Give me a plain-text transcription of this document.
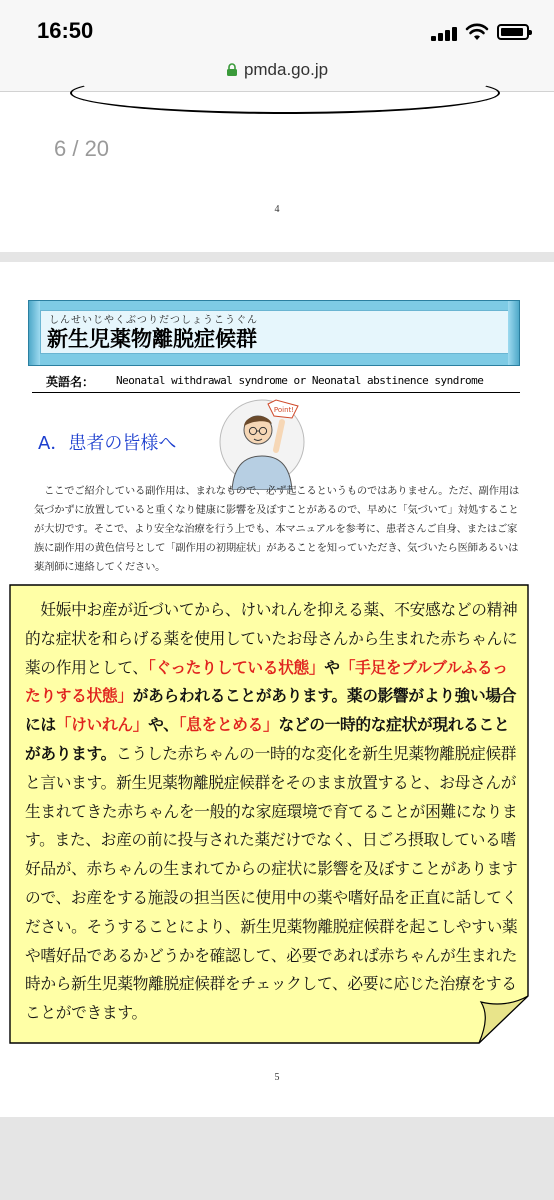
16:50
pmda.go.jp
6 / 20
4
しんせいじやくぶつりだつしょうこうぐん
新生児薬物離脱症候群
英語名： Neonatal withdrawal syndrome or Neonatal abstinence syndrome
A．患者の皆様へ
Point!
　ここでご紹介している副作用は、まれなもので、必ず起こるというものではありません。ただ、副作用は気づかずに放置していると重くなり健康に影響を及ぼすことがあるので、早めに「気づいて」対処することが大切です。そこで、より安全な治療を行う上でも、本マニュアルを参考に、患者さんご自身、またはご家族に副作用の黄色信号として「副作用の初期症状」があることを知っていただき、気づいたら医師あるいは薬剤師に連絡してください。
　妊娠中お産が近づいてから、けいれんを抑える薬、不安感などの精神的な症状を和らげる薬を使用していたお母さんから生まれた赤ちゃんに薬の作用として、「ぐったりしている状態」や「手足をブルブルふるったりする状態」があらわれることがあります。薬の影響がより強い場合には「けいれん」や、「息をとめる」などの一時的な症状が現れることがあります。こうした赤ちゃんの一時的な変化を新生児薬物離脱症候群と言います。新生児薬物離脱症候群をそのまま放置すると、お母さんが生まれてきた赤ちゃんを一般的な家庭環境で育てることが困難になります。また、お産の前に投与された薬だけでなく、日ごろ摂取している嗜好品が、赤ちゃんの生まれてからの症状に影響を及ぼすことがありますので、お産をする施設の担当医に使用中の薬や嗜好品を正直に話してください。そうすることにより、新生児薬物離脱症候群を起こしやすい薬や嗜好品であるかどうかを確認して、必要であれば赤ちゃんが生まれた時から新生児薬物離脱症候群をチェックして、必要に応じた治療をすることができます。
5
